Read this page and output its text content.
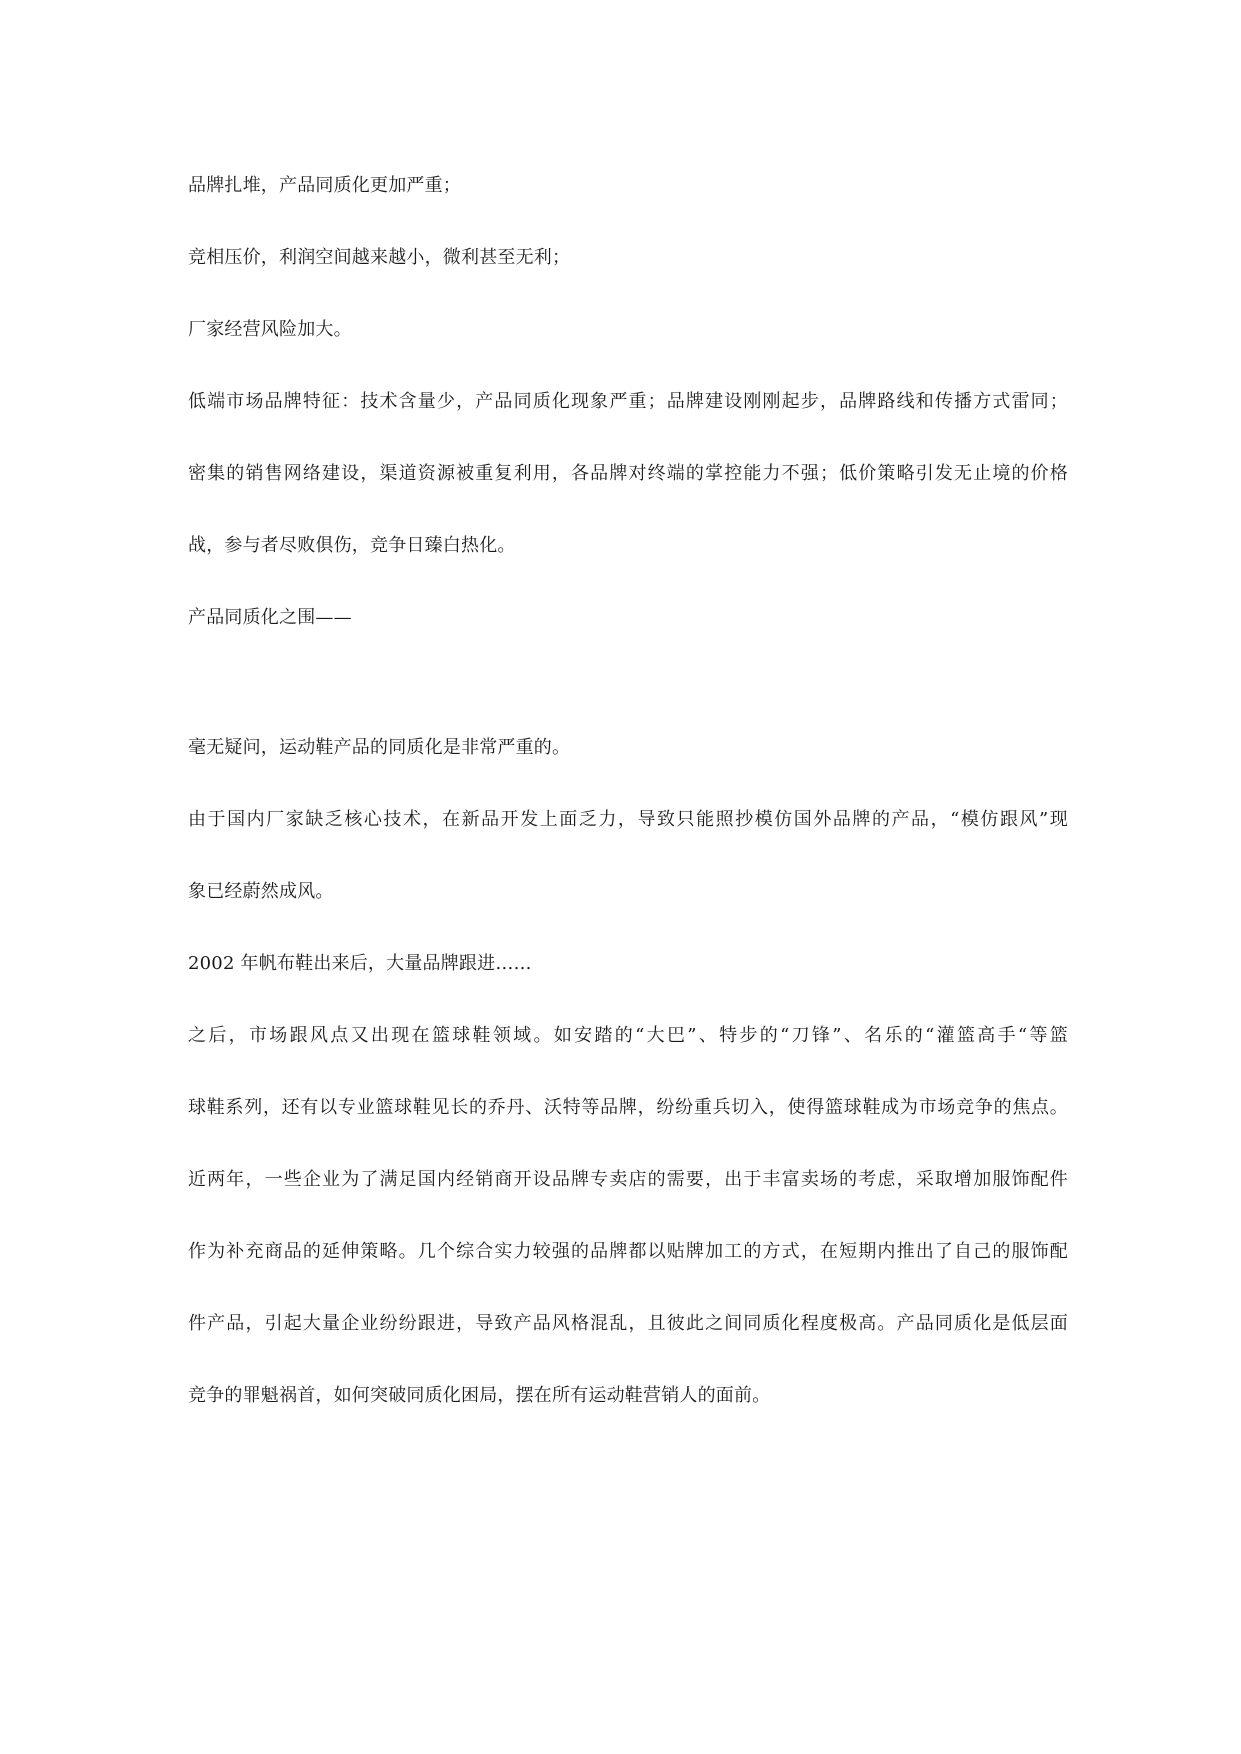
品牌扎堆，产品同质化更加严重；
竞相压价，利润空间越来越小，微利甚至无利；
厂家经营风险加大。
低端市场品牌特征：技术含量少，产品同质化现象严重；品牌建设刚刚起步，品牌路线和传播方式雷同；
密集的销售网络建设，渠道资源被重复利用，各品牌对终端的掌控能力不强；低价策略引发无止境的价格
战，参与者尽败俱伤，竞争日臻白热化。
产品同质化之围——
毫无疑问，运动鞋产品的同质化是非常严重的。
由于国内厂家缺乏核心技术，在新品开发上面乏力，导致只能照抄模仿国外品牌的产品，“模仿跟风”现
象已经蔚然成风。
2002 年帆布鞋出来后，大量品牌跟进……
之后，市场跟风点又出现在篮球鞋领域。如安踏的“大巴”、特步的“刀锋”、名乐的“灌篮高手“等篮
球鞋系列，还有以专业篮球鞋见长的乔丹、沃特等品牌，纷纷重兵切入，使得篮球鞋成为市场竞争的焦点。
近两年，一些企业为了满足国内经销商开设品牌专卖店的需要，出于丰富卖场的考虑，采取增加服饰配件
作为补充商品的延伸策略。几个综合实力较强的品牌都以贴牌加工的方式，在短期内推出了自己的服饰配
件产品，引起大量企业纷纷跟进，导致产品风格混乱，且彼此之间同质化程度极高。产品同质化是低层面
竞争的罪魁祸首，如何突破同质化困局，摆在所有运动鞋营销人的面前。
